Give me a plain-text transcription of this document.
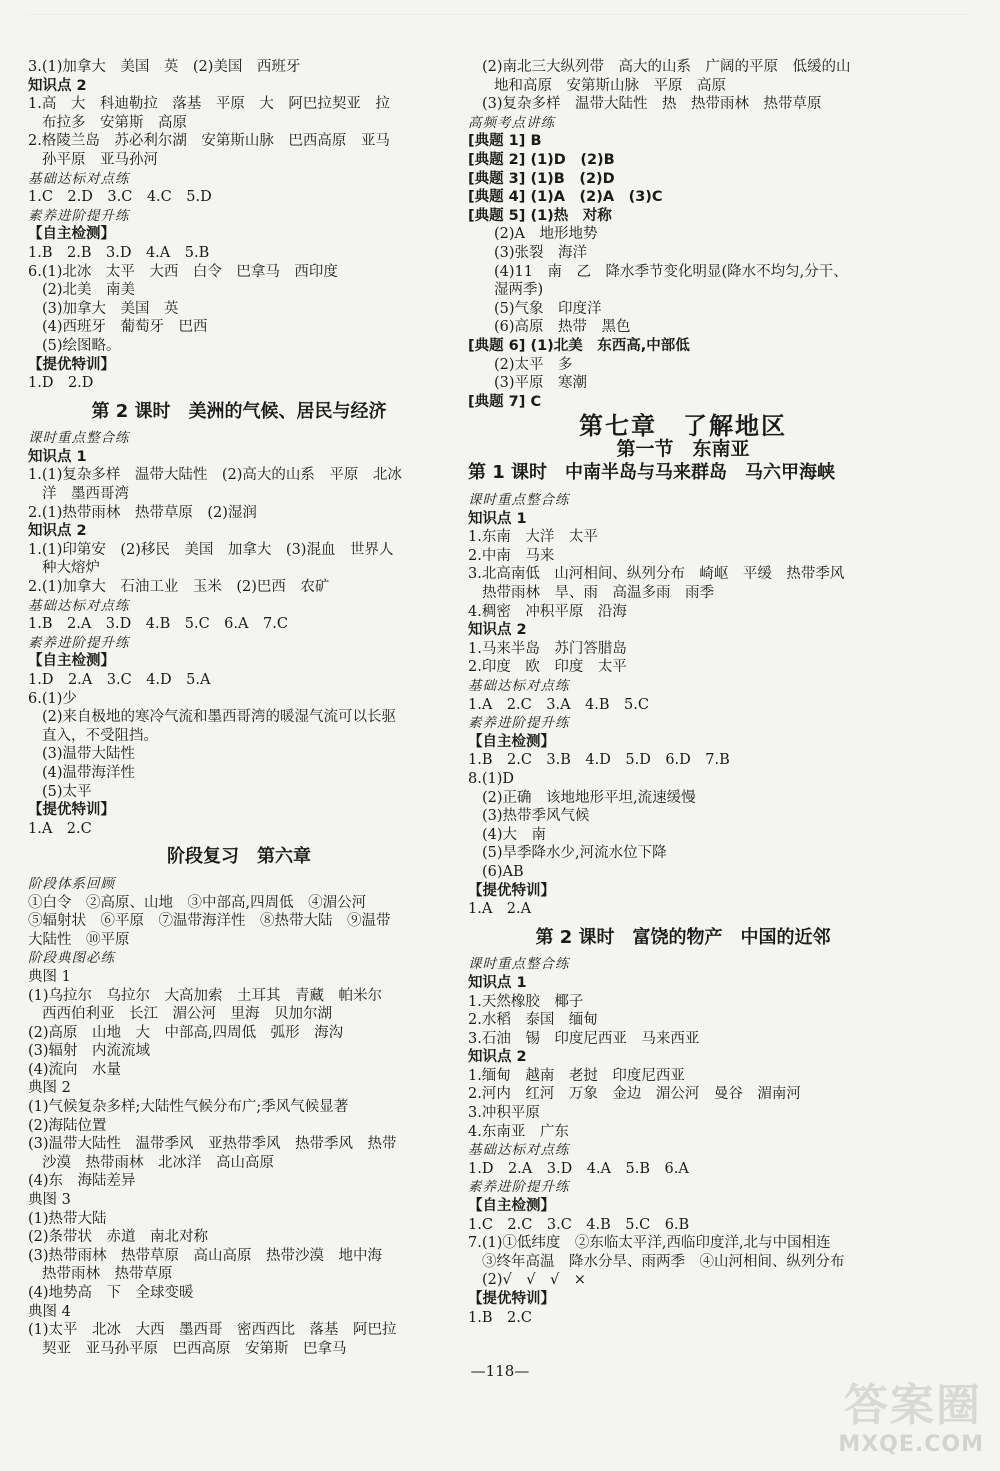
3.(1)加拿大　美国　英　(2)美国　西班牙
知识点 2
1.高　大　科迪勒拉　落基　平原　大　阿巴拉契亚　拉
布拉多　安第斯　高原
2.格陵兰岛　苏必利尔湖　安第斯山脉　巴西高原　亚马
孙平原　亚马孙河
基础达标对点练
1.C　2.D　3.C　4.C　5.D
素养进阶提升练
【自主检测】
1.B　2.B　3.D　4.A　5.B
6.(1)北冰　太平　大西　白令　巴拿马　西印度
(2)北美　南美
(3)加拿大　美国　英
(4)西班牙　葡萄牙　巴西
(5)绘图略。
【提优特训】
1.D　2.D
第 2 课时　美洲的气候、居民与经济
课时重点整合练
知识点 1
1.(1)复杂多样　温带大陆性　(2)高大的山系　平原　北冰
洋　墨西哥湾
2.(1)热带雨林　热带草原　(2)湿润
知识点 2
1.(1)印第安　(2)移民　美国　加拿大　(3)混血　世界人
种大熔炉
2.(1)加拿大　石油工业　玉米　(2)巴西　农矿
基础达标对点练
1.B　2.A　3.D　4.B　5.C　6.A　7.C
素养进阶提升练
【自主检测】
1.D　2.A　3.C　4.D　5.A
6.(1)少
(2)来自极地的寒冷气流和墨西哥湾的暖湿气流可以长驱
直入，不受阻挡。
(3)温带大陆性
(4)温带海洋性
(5)太平
【提优特训】
1.A　2.C
阶段复习　第六章
阶段体系回顾
①白令　②高原、山地　③中部高,四周低　④湄公河
⑤辐射状　⑥平原　⑦温带海洋性　⑧热带大陆　⑨温带
大陆性　⑩平原
阶段典图必练
典图 1
(1)乌拉尔　乌拉尔　大高加索　土耳其　青藏　帕米尔
西西伯利亚　长江　湄公河　里海　贝加尔湖
(2)高原　山地　大　中部高,四周低　弧形　海沟
(3)辐射　内流流域
(4)流向　水量
典图 2
(1)气候复杂多样;大陆性气候分布广;季风气候显著
(2)海陆位置
(3)温带大陆性　温带季风　亚热带季风　热带季风　热带
沙漠　热带雨林　北冰洋　高山高原
(4)东　海陆差异
典图 3
(1)热带大陆
(2)条带状　赤道　南北对称
(3)热带雨林　热带草原　高山高原　热带沙漠　地中海
热带雨林　热带草原
(4)地势高　下　全球变暖
典图 4
(1)太平　北冰　大西　墨西哥　密西西比　落基　阿巴拉
契亚　亚马孙平原　巴西高原　安第斯　巴拿马
(2)南北三大纵列带　高大的山系　广阔的平原　低缓的山
地和高原　安第斯山脉　平原　高原
(3)复杂多样　温带大陆性　热　热带雨林　热带草原
高频考点讲练
[典题 1] B
[典题 2] (1)D　(2)B
[典题 3] (1)B　(2)D
[典题 4] (1)A　(2)A　(3)C
[典题 5] (1)热　对称
(2)A　地形地势
(3)张裂　海洋
(4)11　南　乙　降水季节变化明显(降水不均匀,分干、
湿两季)
(5)气象　印度洋
(6)高原　热带　黑色
[典题 6] (1)北美　东西高,中部低
(2)太平　多
(3)平原　寒潮
[典题 7] C
第七章　了解地区
第一节　东南亚
第 1 课时　中南半岛与马来群岛　马六甲海峡
课时重点整合练
知识点 1
1.东南　大洋　太平
2.中南　马来
3.北高南低　山河相间、纵列分布　崎岖　平缓　热带季风
热带雨林　旱、雨　高温多雨　雨季
4.稠密　冲积平原　沿海
知识点 2
1.马来半岛　苏门答腊岛
2.印度　欧　印度　太平
基础达标对点练
1.A　2.C　3.A　4.B　5.C
素养进阶提升练
【自主检测】
1.B　2.C　3.B　4.D　5.D　6.D　7.B
8.(1)D
(2)正确　该地地形平坦,流速缓慢
(3)热带季风气候
(4)大　南
(5)旱季降水少,河流水位下降
(6)AB
【提优特训】
1.A　2.A
第 2 课时　富饶的物产　中国的近邻
课时重点整合练
知识点 1
1.天然橡胶　椰子
2.水稻　泰国　缅甸
3.石油　锡　印度尼西亚　马来西亚
知识点 2
1.缅甸　越南　老挝　印度尼西亚
2.河内　红河　万象　金边　湄公河　曼谷　湄南河
3.冲积平原
4.东南亚　广东
基础达标对点练
1.D　2.A　3.D　4.A　5.B　6.A
素养进阶提升练
【自主检测】
1.C　2.C　3.C　4.B　5.C　6.B
7.(1)①低纬度　②东临太平洋,西临印度洋,北与中国相连
③终年高温　降水分旱、雨两季　④山河相间、纵列分布
(2)√　√　√　×
【提优特训】
1.B　2.C
—118—
答案圈
MXQE.COM
